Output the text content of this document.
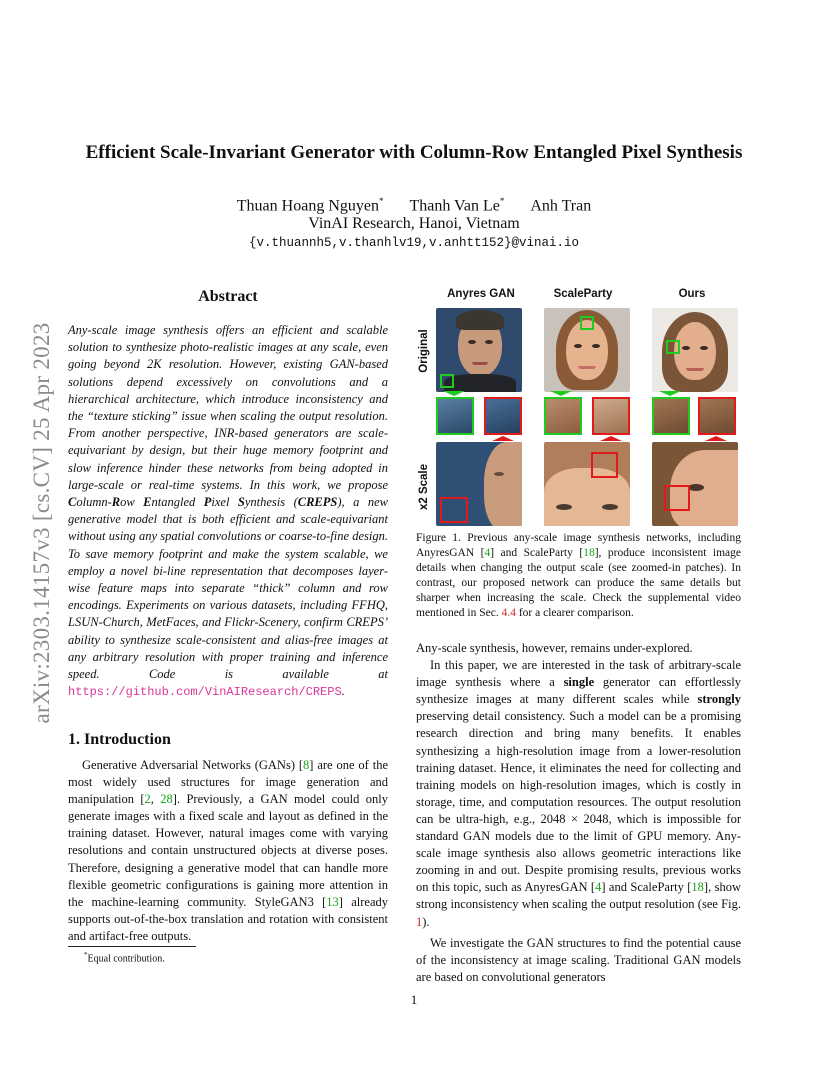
arXiv:2303.14157v3 [cs.CV] 25 Apr 2023
Efficient Scale-Invariant Generator with Column-Row Entangled Pixel Synthesis
Thuan Hoang Nguyen* Thanh Van Le* Anh Tran
VinAI Research, Hanoi, Vietnam
{v.thuannh5,v.thanhlv19,v.anhtt152}@vinai.io
Abstract
Any-scale image synthesis offers an efficient and scalable solution to synthesize photo-realistic images at any scale, even going beyond 2K resolution. However, existing GAN-based solutions depend excessively on convolutions and a hierarchical architecture, which introduce inconsistency and the “texture sticking” issue when scaling the output resolution. From another perspective, INR-based generators are scale-equivariant by design, but their huge memory footprint and slow inference hinder these networks from being adopted in large-scale or real-time systems. In this work, we propose Column-Row Entangled Pixel Synthesis (CREPS), a new generative model that is both efficient and scale-equivariant without using any spatial convolutions or coarse-to-fine design. To save memory footprint and make the system scalable, we employ a novel bi-line representation that decomposes layer-wise feature maps into separate “thick” column and row encodings. Experiments on various datasets, including FFHQ, LSUN-Church, MetFaces, and Flickr-Scenery, confirm CREPS’ ability to synthesize scale-consistent and alias-free images at any arbitrary resolution with proper training and inference speed. Code is available at https://github.com/VinAIResearch/CREPS.
1. Introduction
Generative Adversarial Networks (GANs) [8] are one of the most widely used structures for image generation and manipulation [2, 28]. Previously, a GAN model could only generate images with a fixed scale and layout as defined in the training dataset. However, natural images come with varying resolutions and contain unstructured objects at diverse poses. Therefore, designing a generative model that can handle more flexible geometric configurations is gaining more attention in the machine-learning community. StyleGAN3 [13] already supports out-of-the-box translation and rotation with consistent and artifact-free outputs.
*Equal contribution.
Anyres GAN	ScaleParty	Ours
Original
x2 Scale
Figure 1. Previous any-scale image synthesis networks, including AnyresGAN [4] and ScaleParty [18], produce inconsistent image details when changing the output scale (see zoomed-in patches). In contrast, our proposed network can produce the same details but sharper when increasing the scale. Check the supplemental video mentioned in Sec. 4.4 for a clearer comparison.

Any-scale synthesis, however, remains under-explored.

In this paper, we are interested in the task of arbitrary-scale image synthesis where a single generator can effortlessly synthesize images at many different scales while strongly preserving detail consistency. Such a model can be a promising research direction and bring many benefits. It enables synthesizing a high-resolution image from a lower-resolution training dataset. Hence, it eliminates the need for collecting and training models on high-resolution images, which is costly in storage, time, and computation resources. The output resolution can be ultra-high, e.g., 2048 × 2048, which is impossible for standard GAN models due to the limit of GPU memory. Any-scale image synthesis also allows geometric interactions like zooming in and out. Despite promising results, previous works on this topic, such as AnyresGAN [4] and ScaleParty [18], show strong inconsistency when scaling the output resolution (see Fig. 1).

We investigate the GAN structures to find the potential cause of the inconsistency at image scaling. Traditional GAN models are based on convolutional generators

1
